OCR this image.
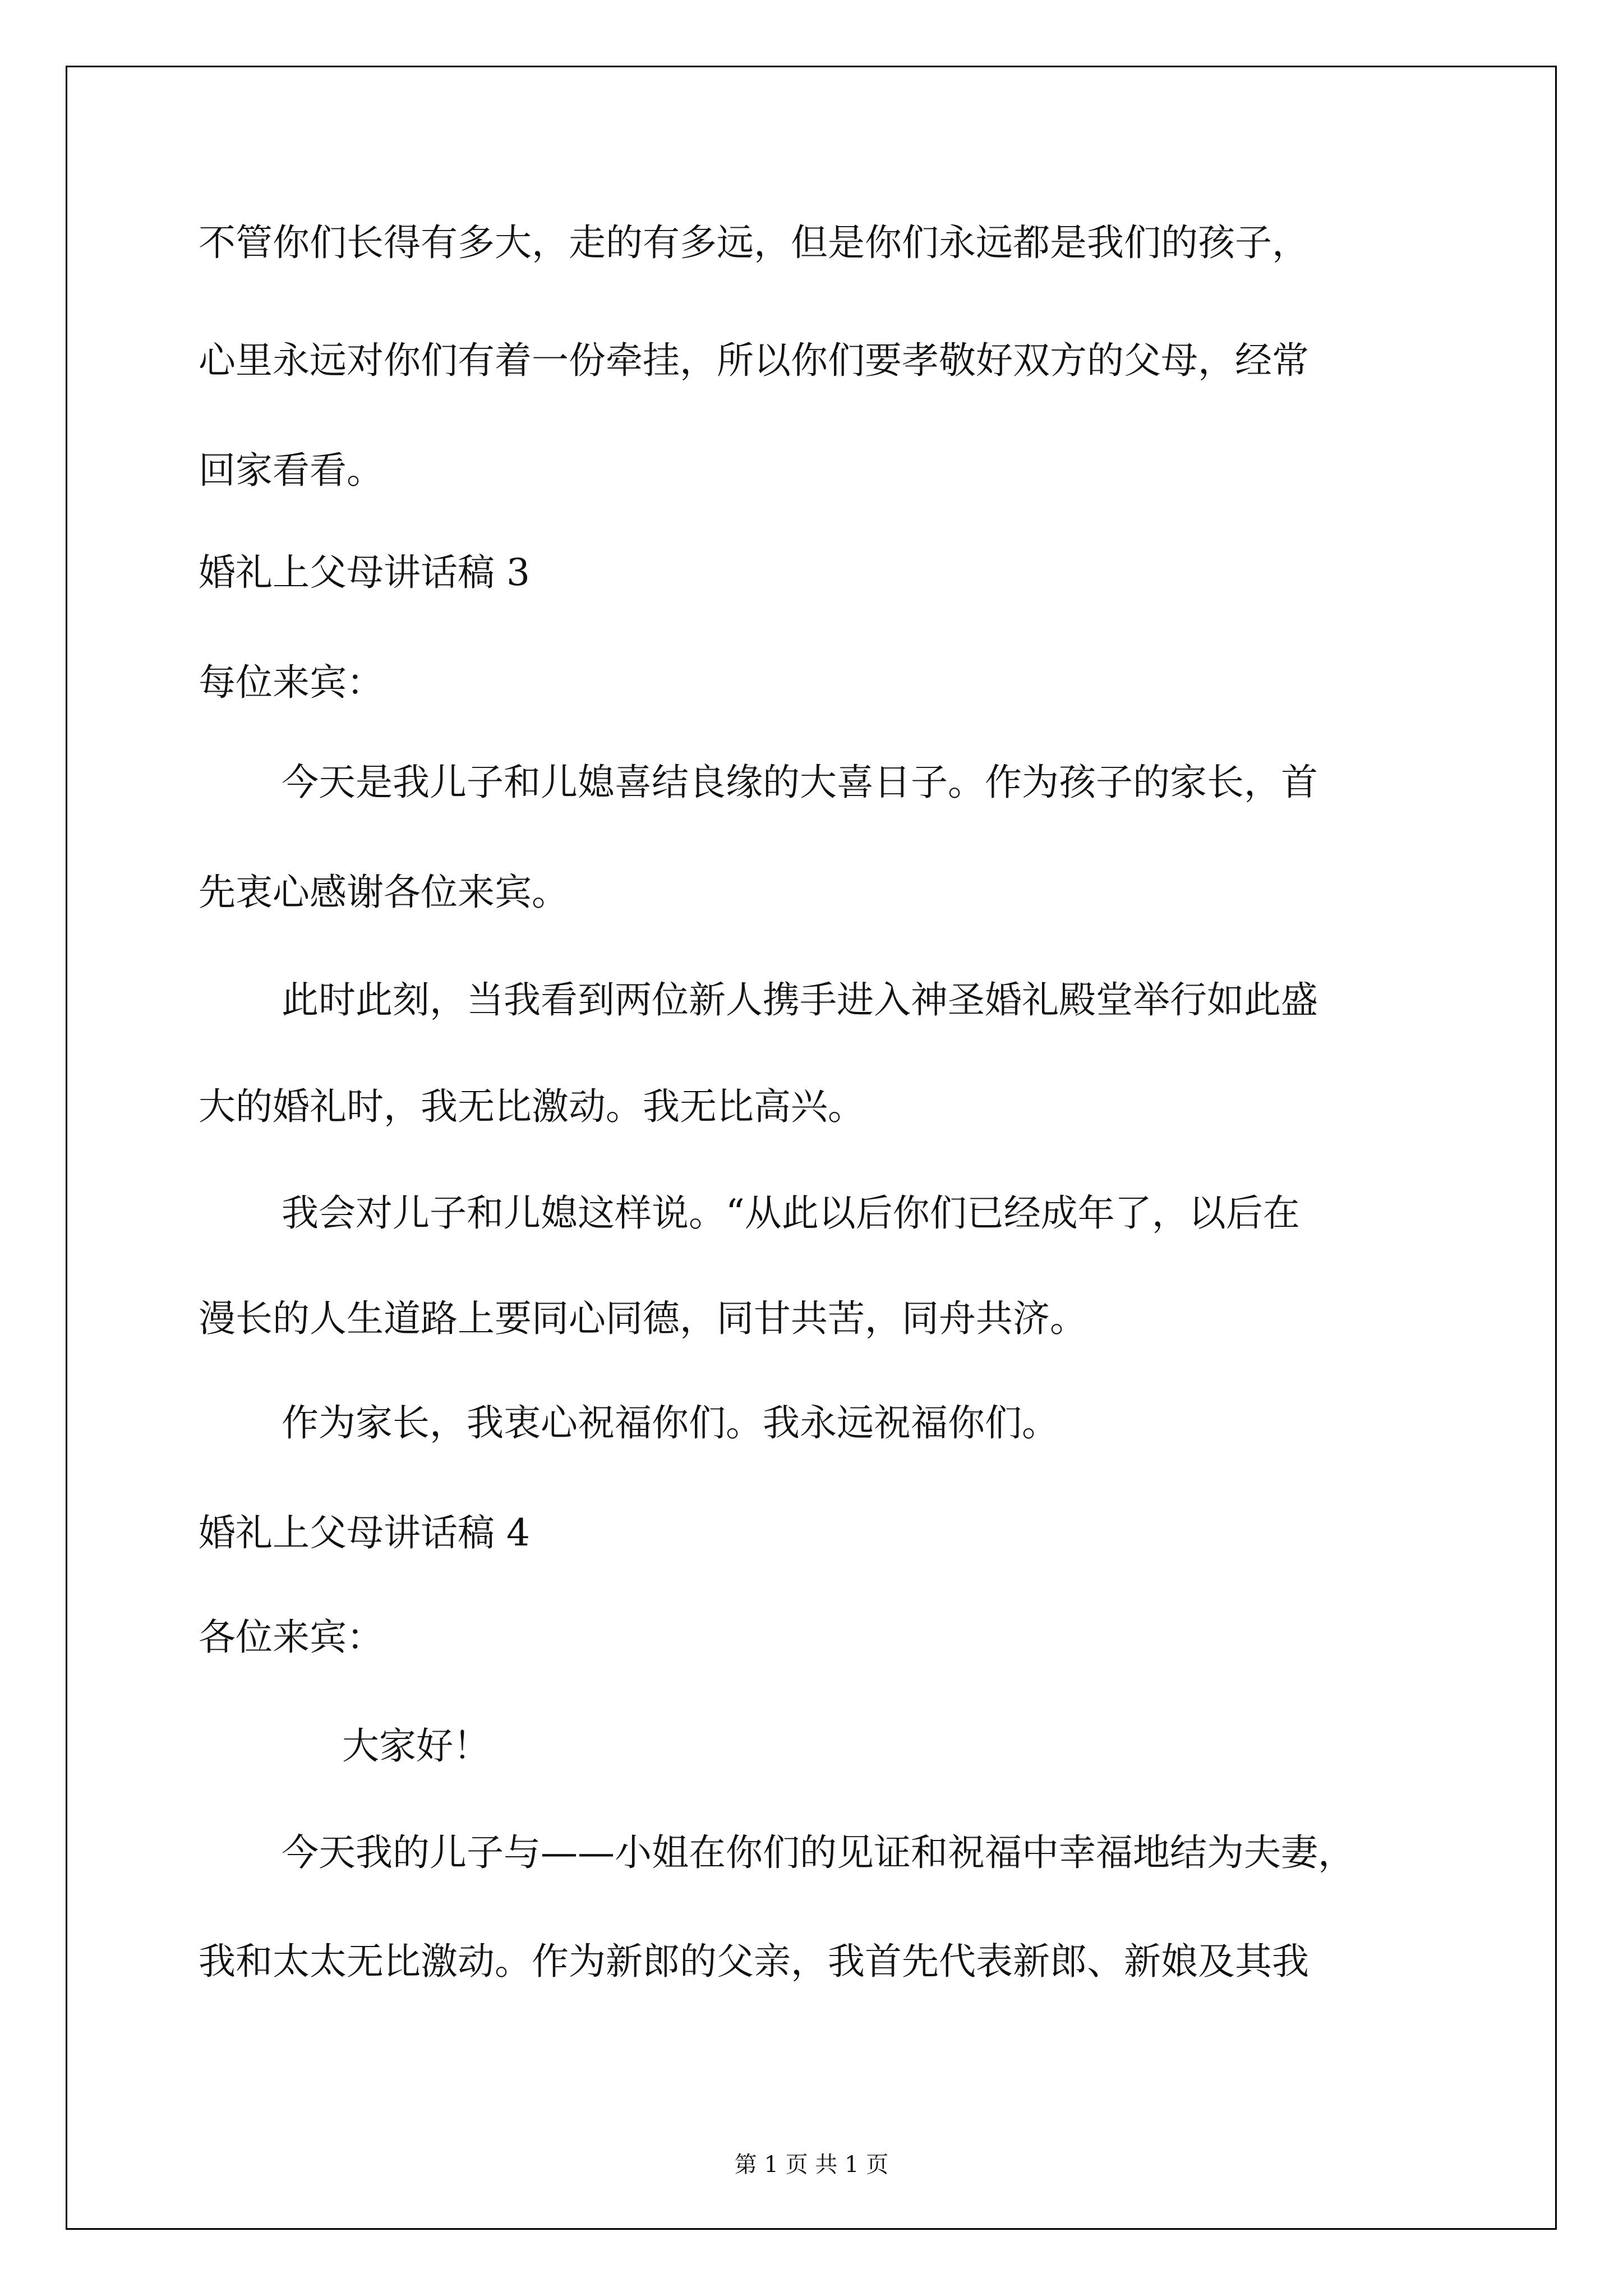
不管你们长得有多大，走的有多远，但是你们永远都是我们的孩子，
心里永远对你们有着一份牵挂，所以你们要孝敬好双方的父母，经常
回家看看。
婚礼上父母讲话稿 3
每位来宾：
今天是我儿子和儿媳喜结良缘的大喜日子。作为孩子的家长，首
先衷心感谢各位来宾。
此时此刻，当我看到两位新人携手进入神圣婚礼殿堂举行如此盛
大的婚礼时，我无比激动。我无比高兴。
我会对儿子和儿媳这样说。“从此以后你们已经成年了，以后在
漫长的人生道路上要同心同德，同甘共苦，同舟共济。
作为家长，我衷心祝福你们。我永远祝福你们。
婚礼上父母讲话稿 4
各位来宾：
大家好！
今天我的儿子与——小姐在你们的见证和祝福中幸福地结为夫妻，
我和太太无比激动。作为新郎的父亲，我首先代表新郎、新娘及其我
第 1 页 共 1 页
